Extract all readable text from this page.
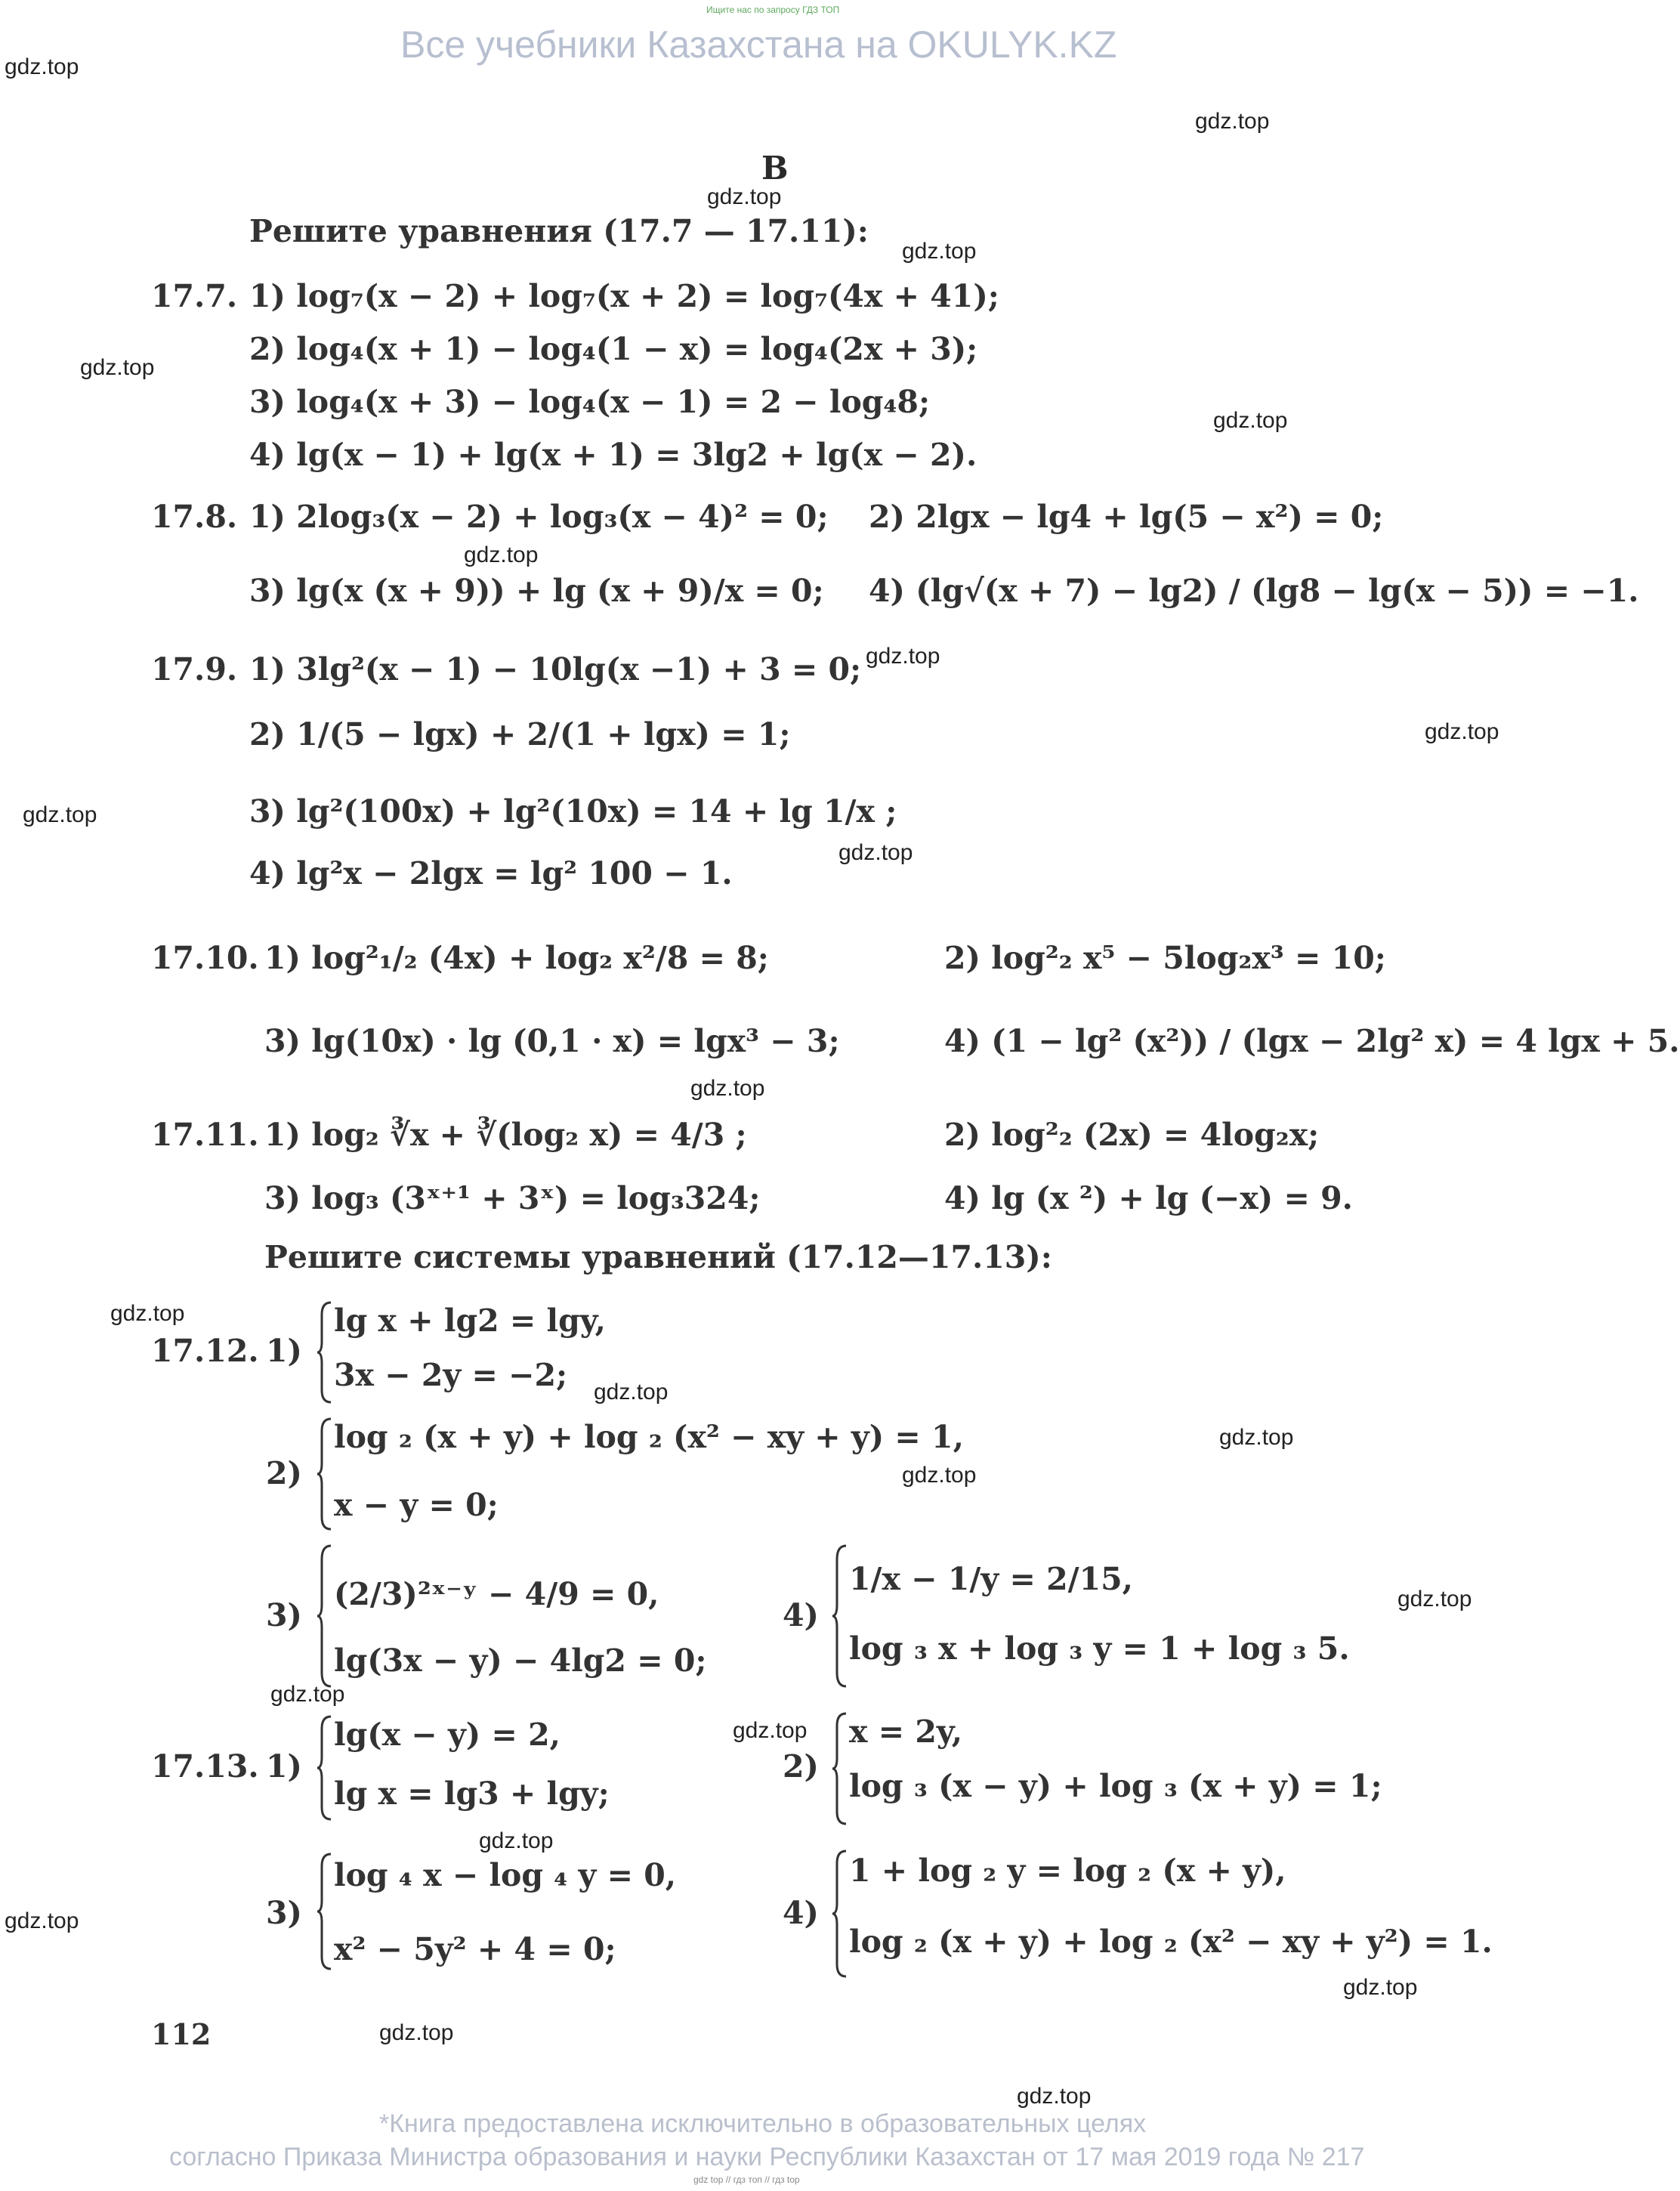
Ищите нас по запросу ГДЗ ТОП
Все учебники Казахстана на OKULYK.KZ
В
Решите уравнения (17.7 — 17.11):
17.7. 1) log₇(x − 2) + log₇(x + 2) = log₇(4x + 41);
2) log₄(x + 1) − log₄(1 − x) = log₄(2x + 3);
3) log₄(x + 3) − log₄(x − 1) = 2 − log₄8;
4) lg(x − 1) + lg(x + 1) = 3lg2 + lg(x − 2).
17.8. 1) 2log₃(x − 2) + log₃(x − 4)² = 0; 2) 2lgx − lg4 + lg(5 − x²) = 0;
3) lg(x (x + 9)) + lg (x + 9)/x = 0; 4) (lg√(x + 7) − lg2) / (lg8 − lg(x − 5)) = −1.
17.9. 1) 3lg²(x − 1) − 10lg(x −1) + 3 = 0;
2) 1/(5 − lgx) + 2/(1 + lgx) = 1;
3) lg²(100x) + lg²(10x) = 14 + lg 1/x ;
4) lg²x − 2lgx = lg² 100 − 1.
17.10. 1) log²₁/₂ (4x) + log₂ x²/8 = 8;	2) log²₂ x⁵ − 5log₂x³ = 10;
3) lg(10x) · lg (0,1 · x) = lgx³ − 3;	4) (1 − lg² (x²)) / (lgx − 2lg² x) = 4 lgx + 5.
17.11. 1) log₂ ∛x + ∛(log₂ x) = 4/3 ;	2) log²₂ (2x) = 4log₂x;
3) log₃ (3ˣ⁺¹ + 3ˣ) = log₃324;	4) lg (x ²) + lg (−x) = 9.
Решите системы уравнений (17.12—17.13):
17.12. 1)
lg x + lg2 = lgy,
3x − 2y = −2;
2)
log ₂ (x + y) + log ₂ (x² − xy + y) = 1,
x − y = 0;
3)
(2/3)²ˣ⁻ʸ − 4/9 = 0,
lg(3x − y) − 4lg2 = 0;
4)
1/x − 1/y = 2/15,
log ₃ x + log ₃ y = 1 + log ₃ 5.
17.13. 1)
lg(x − y) = 2,
lg x = lg3 + lgy;
2)
x = 2y,
log ₃ (x − y) + log ₃ (x + y) = 1;
3)
log ₄ x − log ₄ y = 0,
x² − 5y² + 4 = 0;
4)
1 + log ₂ y = log ₂ (x + y),
log ₂ (x + y) + log ₂ (x² − xy + y²) = 1.
112
gdz.top
gdz.top
gdz.top
gdz.top
gdz.top
gdz.top
gdz.top
gdz.top
gdz.top
gdz.top
gdz.top
gdz.top
gdz.top
gdz.top
gdz.top
gdz.top
gdz.top
gdz.top
gdz.top
gdz.top
gdz.top
gdz.top
gdz.top
gdz.top
*Книга предоставлена исключительно в образовательных целях
согласно Приказа Министра образования и науки Республики Казахстан от 17 мая 2019 года № 217
gdz top // гдз топ // гдз top
